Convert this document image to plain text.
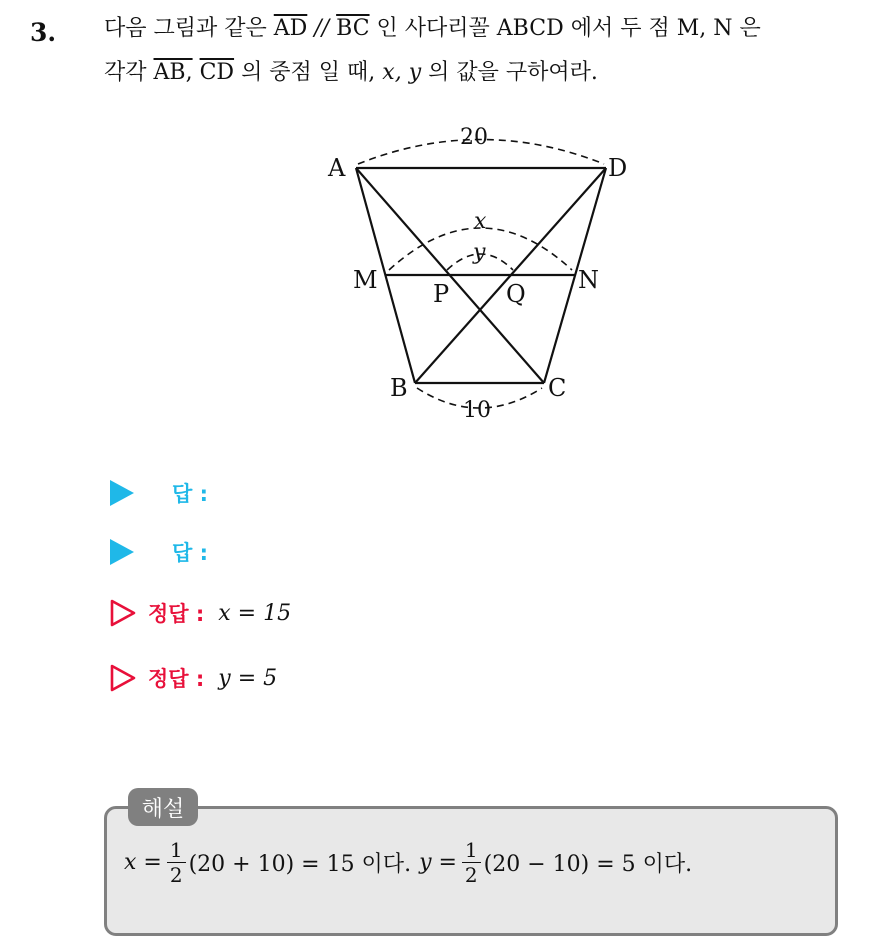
3. 다음 그림과 같은 $\overline{AD} // \overline{BC}$ 인 사다리꼴 ABCD 에서 두 점 M, N 은
각각 AB, $\overline{CD}$ 의 중점 일 때, x, y 의 값을 구하여라.
A	D
M	N
P Q
B	C
20
10
x
y
답 :
답 :
정답 : x = 15
정답 : y = 5
해설
$x = \frac{1}{2} (20 + 10) = 15$ 이다. $y = \frac{1}{2} (20 - 10) = 5$ 이다.
